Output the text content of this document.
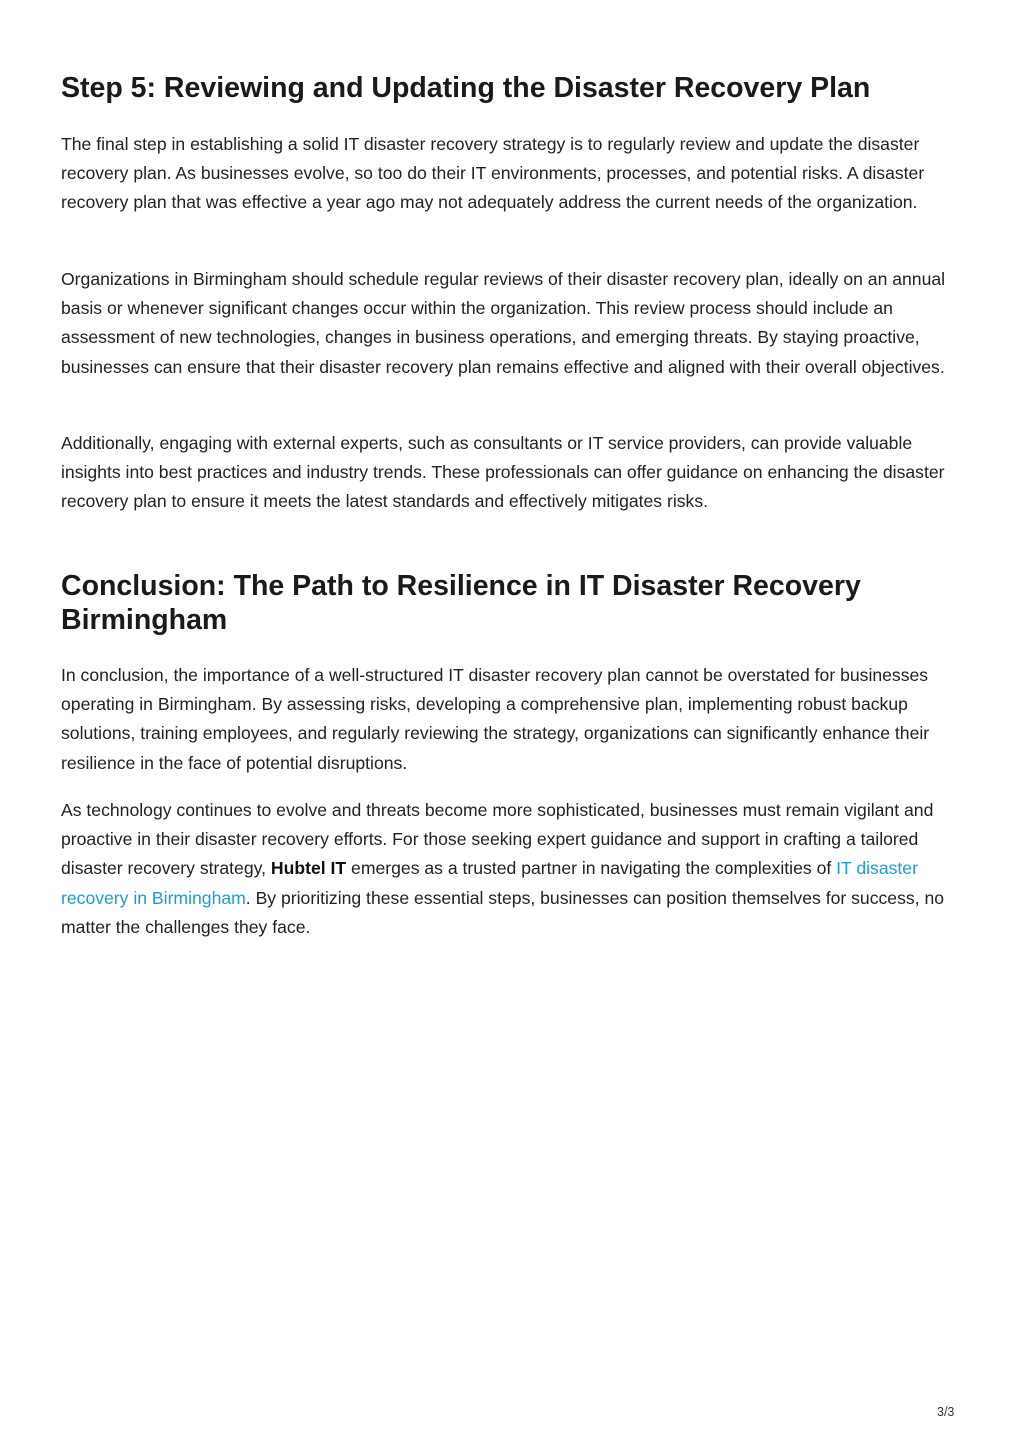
Step 5: Reviewing and Updating the Disaster Recovery Plan

The final step in establishing a solid IT disaster recovery strategy is to regularly review and update the disaster recovery plan. As businesses evolve, so too do their IT environments, processes, and potential risks. A disaster recovery plan that was effective a year ago may not adequately address the current needs of the organization.

Organizations in Birmingham should schedule regular reviews of their disaster recovery plan, ideally on an annual basis or whenever significant changes occur within the organization. This review process should include an assessment of new technologies, changes in business operations, and emerging threats. By staying proactive, businesses can ensure that their disaster recovery plan remains effective and aligned with their overall objectives.

Additionally, engaging with external experts, such as consultants or IT service providers, can provide valuable insights into best practices and industry trends. These professionals can offer guidance on enhancing the disaster recovery plan to ensure it meets the latest standards and effectively mitigates risks.

Conclusion: The Path to Resilience in IT Disaster Recovery
Birmingham

In conclusion, the importance of a well-structured IT disaster recovery plan cannot be overstated for businesses operating in Birmingham. By assessing risks, developing a comprehensive plan, implementing robust backup solutions, training employees, and regularly reviewing the strategy, organizations can significantly enhance their resilience in the face of potential disruptions.

As technology continues to evolve and threats become more sophisticated, businesses must remain vigilant and proactive in their disaster recovery efforts. For those seeking expert guidance and support in crafting a tailored disaster recovery strategy, Hubtel IT emerges as a trusted partner in navigating the complexities of IT disaster recovery in Birmingham. By prioritizing these essential steps, businesses can position themselves for success, no matter the challenges they face.

3/3
